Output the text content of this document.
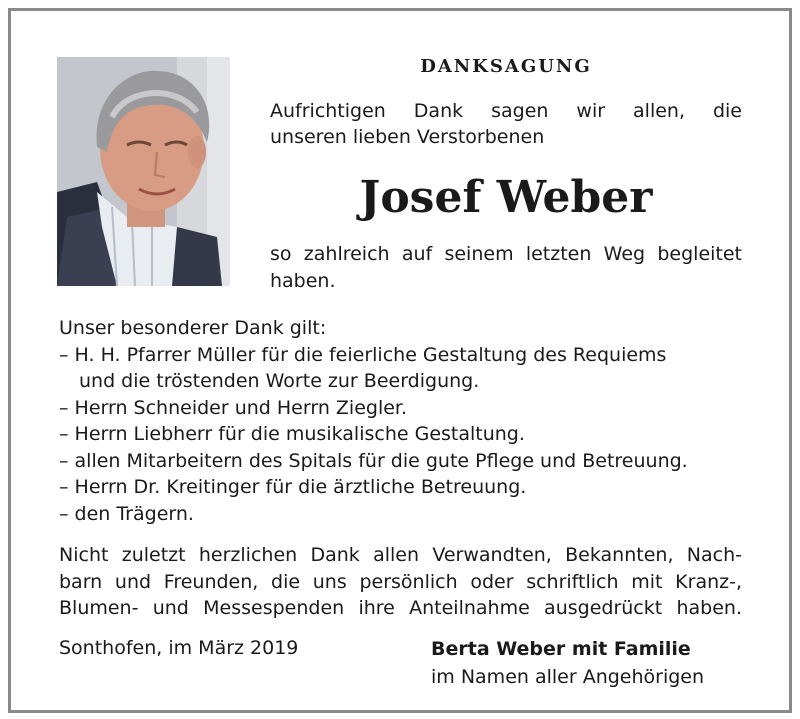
DANKSAGUNG
Aufrichtigen Dank sagen wir allen, die
unseren lieben Verstorbenen
Josef Weber
so zahlreich auf seinem letzten Weg begleitet
haben.
Unser besonderer Dank gilt:
– H. H. Pfarrer Müller für die feierliche Gestaltung des Requiems
und die tröstenden Worte zur Beerdigung.
– Herrn Schneider und Herrn Ziegler.
– Herrn Liebherr für die musikalische Gestaltung.
– allen Mitarbeitern des Spitals für die gute Pflege und Betreuung.
– Herrn Dr. Kreitinger für die ärztliche Betreuung.
– den Trägern.
Nicht zuletzt herzlichen Dank allen Verwandten, Bekannten, Nach-
barn und Freunden, die uns persönlich oder schriftlich mit Kranz-,
Blumen- und Messespenden ihre Anteilnahme ausgedrückt haben.
Sonthofen, im März 2019	Berta Weber mit Familie
im Namen aller Angehörigen
